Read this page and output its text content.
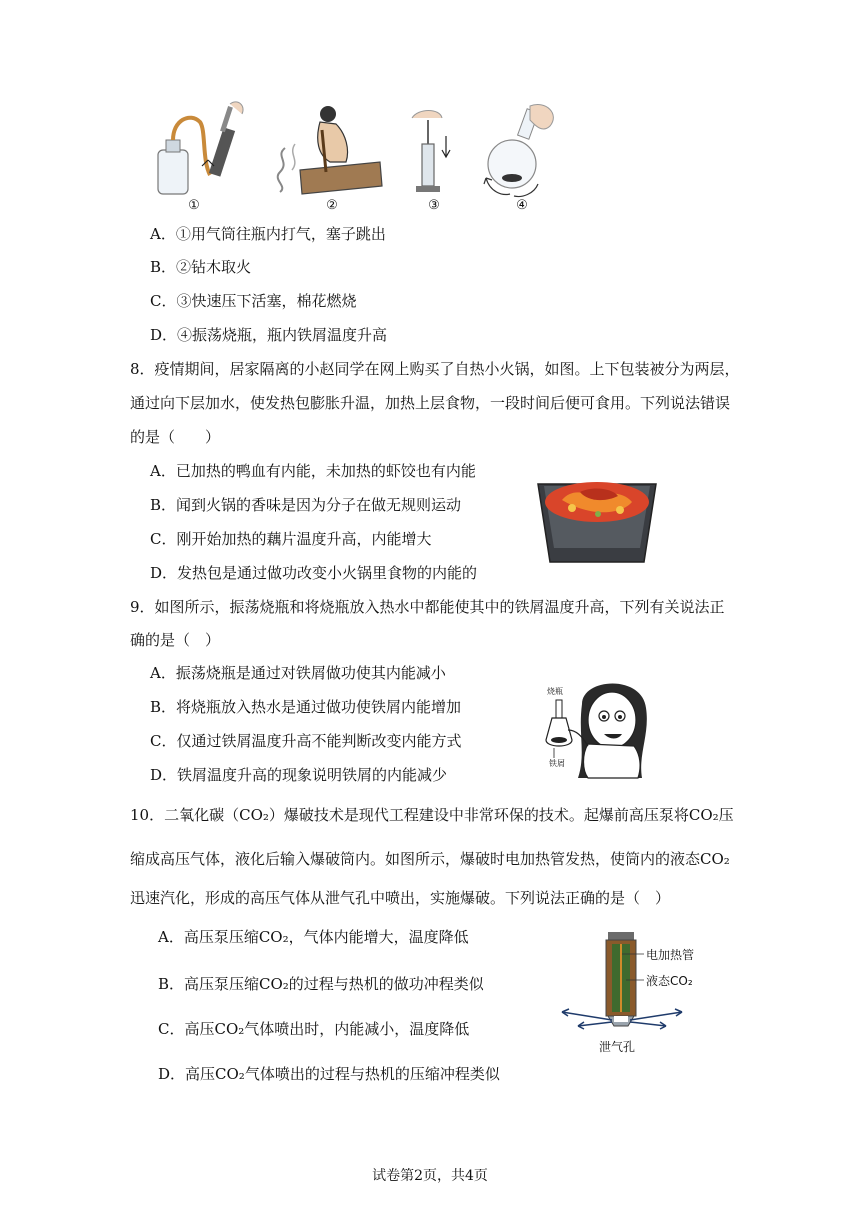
①	②	③	④
A．①用气筒往瓶内打气，塞子跳出
B．②钻木取火
C．③快速压下活塞，棉花燃烧
D．④振荡烧瓶，瓶内铁屑温度升高
8．疫情期间，居家隔离的小赵同学在网上购买了自热小火锅，如图。上下包装被分为两层，
通过向下层加水，使发热包膨胀升温，加热上层食物，一段时间后便可食用。下列说法错误
的是（　　）
A．已加热的鸭血有内能，未加热的虾饺也有内能
B．闻到火锅的香味是因为分子在做无规则运动
C．刚开始加热的藕片温度升高，内能增大
D．发热包是通过做功改变小火锅里食物的内能的
9．如图所示，振荡烧瓶和将烧瓶放入热水中都能使其中的铁屑温度升高，下列有关说法正
确的是（　）
A．振荡烧瓶是通过对铁屑做功使其内能减小
B．将烧瓶放入热水是通过做功使铁屑内能增加
C．仅通过铁屑温度升高不能判断改变内能方式
D．铁屑温度升高的现象说明铁屑的内能减少
烧瓶
铁屑
10．二氧化碳（CO₂）爆破技术是现代工程建设中非常环保的技术。起爆前高压泵将CO₂压
缩成高压气体，液化后输入爆破筒内。如图所示，爆破时电加热管发热，使筒内的液态CO₂
迅速汽化，形成的高压气体从泄气孔中喷出，实施爆破。下列说法正确的是（　）
A．高压泵压缩CO₂，气体内能增大，温度降低
B．高压泵压缩CO₂的过程与热机的做功冲程类似
C．高压CO₂气体喷出时，内能减小，温度降低
D．高压CO₂气体喷出的过程与热机的压缩冲程类似
电加热管
液态CO₂
泄气孔
试卷第2页，共4页
